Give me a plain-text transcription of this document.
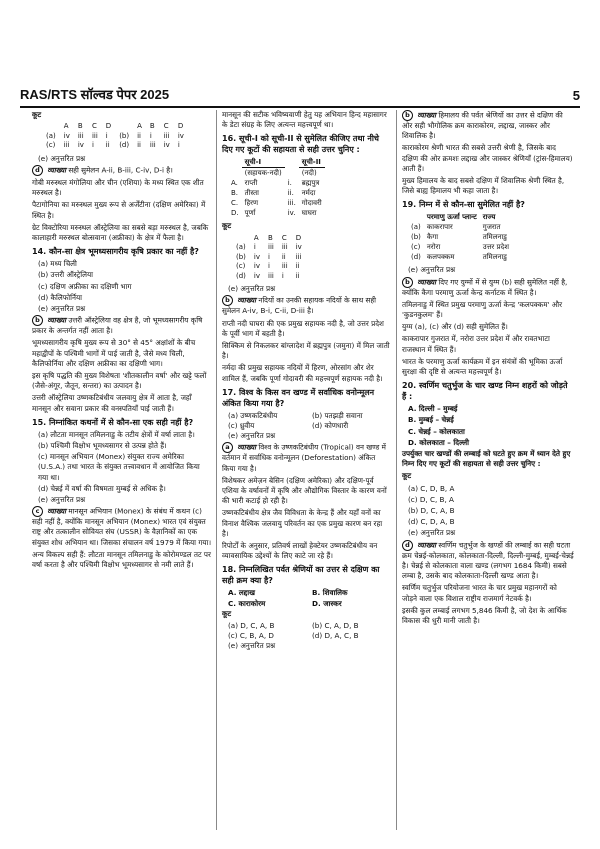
RAS/RTS सॉल्वड पेपर 2025	5

कूट

	A	B	C	D		A	B	C	D
(a)	iv	iii	iii	i	(b)	ii	i	iii	iv
(c)	iii	iv	i	ii	(d)	ii	iii	iv	i

(e) अनुत्तरित प्रश्न

d व्याख्या सही सुमेलन A-ii, B-iii, C-iv, D-i है।

गोबी मरुस्थल मंगोलिया और चीन (एशिया) के मध्य स्थित एक शीत मरुस्थल है।

पैटागोनिया का मरुस्थल मुख्य रूप से अर्जेंटीना (दक्षिण अमेरिका) में स्थित है।

ग्रेट विक्टोरिया मरुस्थल ऑस्ट्रेलिया का सबसे बड़ा मरुस्थल है, जबकि कालाहारी मरुस्थल बोत्सवाना (अफ्रीका) के क्षेत्र में फैला है।

14. कौन-सा क्षेत्र भूमध्यसागरीय कृषि प्रकार का नहीं है?

(a) मध्य चिली

(b) उत्तरी ऑस्ट्रेलिया

(c) दक्षिण अफ्रीका का दक्षिणी भाग

(d) कैलिफोर्निया

(e) अनुत्तरित प्रश्न

b व्याख्या उत्तरी ऑस्ट्रेलिया वह क्षेत्र है, जो भूमध्यसागरीय कृषि प्रकार के अन्तर्गत नहीं आता है।

भूमध्यसागरीय कृषि मुख्य रूप से 30° से 45° अक्षांशों के बीच महाद्वीपों के पश्चिमी भागों में पाई जाती है, जैसे मध्य चिली, कैलिफोर्निया और दक्षिण अफ्रीका का दक्षिणी भाग।

इस कृषि पद्धति की मुख्य विशेषता 'शीतकालीन वर्षा' और खट्टे फलों (जैसे-अंगूर, जैतून, सन्तरा) का उत्पादन है।

उत्तरी ऑस्ट्रेलिया उष्णकटिबंधीय जलवायु क्षेत्र में आता है, जहाँ मानसून और सवाना प्रकार की वनस्पतियाँ पाई जाती हैं।

15. निम्नांकित कथनों में से कौन-सा एक सही नहीं है?

(a) लौटता मानसून तमिलनाडु के तटीय क्षेत्रों में वर्षा लाता है।

(b) पश्चिमी विक्षोभ भूमध्यसागर से उत्पन्न होते हैं।

(c) मानसून अभियान (Monex) संयुक्त राज्य अमेरिका (U.S.A.) तथा भारत के संयुक्त तत्त्वावधान में आयोजित किया गया था।

(d) चेन्नई में वर्षा की विषमता मुम्बई से अधिक है।

(e) अनुत्तरित प्रश्न

c व्याख्या मानसून अभियान (Monex) के संबंध में कथन (c) सही नहीं है, क्योंकि मानसून अभियान (Monex) भारत एवं संयुक्त राष्ट्र और तत्कालीन सोवियत संघ (USSR) के वैज्ञानिकों का एक संयुक्त शोध अभियान था। जिसका संचालन वर्ष 1979 में किया गया।

अन्य विकल्प सही हैं: लौटता मानसून तमिलनाडु के कोरोमण्डल तट पर वर्षा करता है और पश्चिमी विक्षोभ भूमध्यसागर से नमी लाते हैं।

मानसून की सटीक भविष्यवाणी हेतु यह अभियान हिन्द महासागर के डेटा संग्रह के लिए अत्यन्त महत्त्वपूर्ण था।

16. सूची-I को सूची-II से सुमेलित कीजिए तथा नीचे दिए गए कूटों की सहायता से सही उत्तर चुनिए :

	सूची-I		सूची-II
	(सहायक-नदी)		(नदी)
A.	राप्ती	i.	ब्रह्मपुत्र
B.	तीस्ता	ii.	नर्मदा
C.	हिरण	iii.	गोदावरी
D.	पूर्णा	iv.	घाघरा

कूट

	A	B	C	D
(a)	i	iii	iii	iv
(b)	iv	i	ii	iii
(c)	iv	i	iii	ii
(d)	iv	iii	i	ii

(e) अनुत्तरित प्रश्न

b व्याख्या नदियों का उनकी सहायक नदियों के साथ सही सुमेलन A-iv, B-i, C-ii, D-iii है।

राप्ती नदी घाघरा की एक प्रमुख सहायक नदी है, जो उत्तर प्रदेश के पूर्वी भाग में बहती है।

सिक्किम से निकलकर बांग्लादेश में ब्रह्मपुत्र (जमुना) में मिल जाती है।

नर्मदा की प्रमुख सहायक नदियों में हिरण, ओरसांग और शेर शामिल हैं, जबकि पूर्णा गोदावरी की महत्त्वपूर्ण सहायक नदी है।

17. विश्व के किस वन खण्ड में सर्वाधिक वनोन्मूलन अंकित किया गया है?

(a) उष्णकटिबंधीय	(b) पतझड़ी सवाना
(c) ध्रुवीय	(d) कोणधारी

(e) अनुत्तरित प्रश्न

a व्याख्या विश्व के उष्णकटिबंधीय (Tropical) वन खण्ड में वर्तमान में सर्वाधिक वनोन्मूलन (Deforestation) अंकित किया गया है।

विशेषकर अमेज़न बेसिन (दक्षिण अमेरिका) और दक्षिण-पूर्व एशिया के वर्षावनों में कृषि और औद्योगिक विस्तार के कारण वनों की भारी कटाई हो रही है।

उष्णकटिबंधीय क्षेत्र जैव विविधता के केन्द्र हैं और यहाँ वनों का विनाश वैश्विक जलवायु परिवर्तन का एक प्रमुख कारण बन रहा है।

रिपोर्टों के अनुसार, प्रतिवर्ष लाखों हेक्टेयर उष्णकटिबंधीय वन व्यावसायिक उद्देश्यों के लिए काटे जा रहे हैं।

18. निम्नलिखित पर्वत श्रेणियों का उत्तर से दक्षिण का सही क्रम क्या है?

A. लद्दाख	B. शिवालिक
C. काराकोरम	D. जास्कर

कूट

(a) D, C, A, B	(b) C, A, D, B
(c) C, B, A, D	(d) D, A, C, B

(e) अनुत्तरित प्रश्न

b व्याख्या हिमालय की पर्वत श्रेणियों का उत्तर से दक्षिण की ओर सही भौगोलिक क्रम काराकोरम, लद्दाख, जास्कर और शिवालिक है।

काराकोरम श्रेणी भारत की सबसे उत्तरी श्रेणी है, जिसके बाद दक्षिण की ओर क्रमशः लद्दाख और जास्कर श्रेणियाँ (ट्रांस-हिमालय) आती हैं।

मुख्य हिमालय के बाद सबसे दक्षिण में शिवालिक श्रेणी स्थित है, जिसे बाह्य हिमालय भी कहा जाता है।

19. निम्न में से कौन-सा सुमेलित नहीं है?

	परमाणु ऊर्जा प्लान्ट	राज्य
(a)	काकरापार	गुजरात
(b)	कैगा	तमिलनाडु
(c)	नरोरा	उत्तर प्रदेश
(d)	कलपक्कम	तमिलनाडु

(e) अनुत्तरित प्रश्न

b व्याख्या दिए गए युग्मों में से युग्म (b) सही सुमेलित नहीं है, क्योंकि कैगा परमाणु ऊर्जा केन्द्र कर्नाटक में स्थित है।

तमिलनाडु में स्थित प्रमुख परमाणु ऊर्जा केन्द्र 'कलपक्कम' और 'कुडनकुलम' हैं।

युग्म (a), (c) और (d) सही सुमेलित हैं।

काकरापार गुजरात में, नरोरा उत्तर प्रदेश में और रावतभाटा राजस्थान में स्थित हैं।

भारत के परमाणु ऊर्जा कार्यक्रम में इन संयंत्रों की भूमिका ऊर्जा सुरक्षा की दृष्टि से अत्यन्त महत्त्वपूर्ण है।

20. स्वर्णिम चतुर्भुज के चार खण्ड निम्न शहरों को जोड़ते हैं :

A. दिल्ली – मुम्बई

B. मुम्बई – चेन्नई

C. चेन्नई – कोलकाता

D. कोलकाता – दिल्ली

उपर्युक्त चार खण्डों की लम्बाई को घटते हुए क्रम में ध्यान देते हुए निम्न दिए गए कूटों की सहायता से सही उत्तर चुनिए :

कूट

(a) C, D, B, A

(c) D, C, B, A

(b) D, C, A, B

(d) C, D, A, B

(e) अनुत्तरित प्रश्न

d व्याख्या स्वर्णिम चतुर्भुज के खण्डों की लम्बाई का सही घटता क्रम चेन्नई-कोलकाता, कोलकाता-दिल्ली, दिल्ली-मुम्बई, मुम्बई-चेन्नई है। चेन्नई से कोलकाता वाला खण्ड (लगभग 1684 किमी) सबसे लम्बा है, उसके बाद कोलकाता-दिल्ली खण्ड आता है।

स्वर्णिम चतुर्भुज परियोजना भारत के चार प्रमुख महानगरों को जोड़ने वाला एक विशाल राष्ट्रीय राजमार्ग नेटवर्क है।

इसकी कुल लम्बाई लगभग 5,846 किमी है, जो देश के आर्थिक विकास की धुरी मानी जाती है।
